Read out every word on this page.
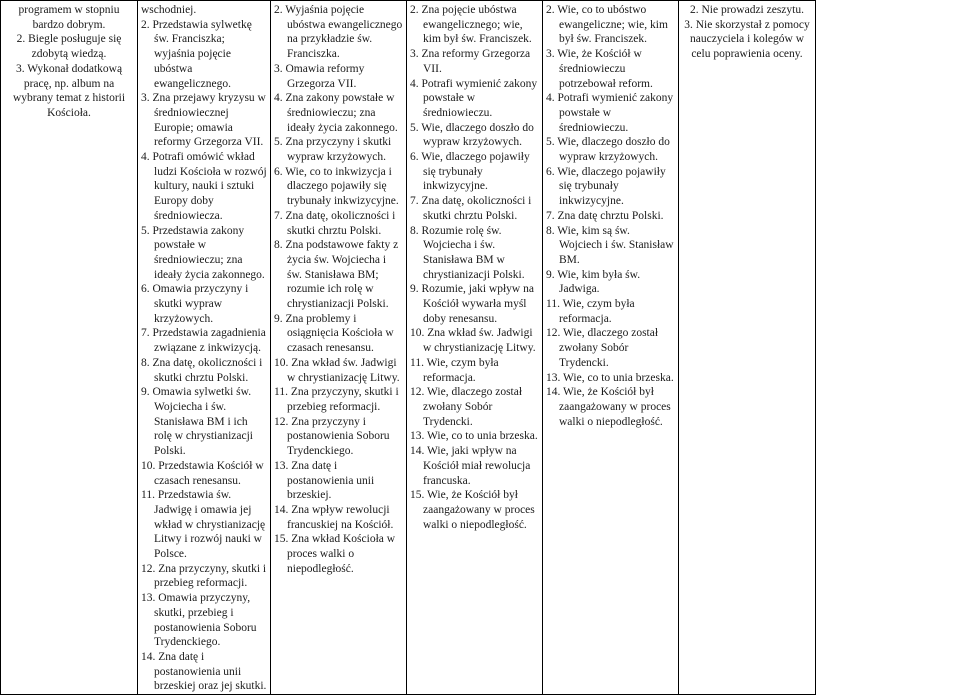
programem w stopniu bardzo dobrym.
2. Biegle posługuje się zdobytą wiedzą.
3. Wykonał dodatkową pracę, np. album na wybrany temat z historii Kościoła.

wschodniej.
2. Przedstawia sylwetkę św. Franciszka; wyjaśnia pojęcie ubóstwa ewangelicznego.
3. Zna przejawy kryzysu w średniowiecznej Europie; omawia reformy Grzegorza VII.
4. Potrafi omówić wkład ludzi Kościoła w rozwój kultury, nauki i sztuki Europy doby średniowiecza.
5. Przedstawia zakony powstałe w średniowieczu; zna ideały życia zakonnego.
6. Omawia przyczyny i skutki wypraw krzyżowych.
7. Przedstawia zagadnienia związane z inkwizycją.
8. Zna datę, okoliczności i skutki chrztu Polski.
9. Omawia sylwetki św. Wojciecha i św. Stanisława BM i ich rolę w chrystianizacji Polski.
10. Przedstawia Kościół w czasach renesansu.
11. Przedstawia św. Jadwigę i omawia jej wkład w chrystianizację Litwy i rozwój nauki w Polsce.
12. Zna przyczyny, skutki i przebieg reformacji.
13. Omawia przyczyny, skutki, przebieg i postanowienia Soboru Trydenckiego.
14. Zna datę i postanowienia unii brzeskiej oraz jej skutki.

2. Wyjaśnia pojęcie ubóstwa ewangelicznego na przykładzie św. Franciszka.
3. Omawia reformy Grzegorza VII.
4. Zna zakony powstałe w średniowieczu; zna ideały życia zakonnego.
5. Zna przyczyny i skutki wypraw krzyżowych.
6. Wie, co to inkwizycja i dlaczego pojawiły się trybunały inkwizycyjne.
7. Zna datę, okoliczności i skutki chrztu Polski.
8. Zna podstawowe fakty z życia św. Wojciecha i św. Stanisława BM; rozumie ich rolę w chrystianizacji Polski.
9. Zna problemy i osiągnięcia Kościoła w czasach renesansu.
10. Zna wkład św. Jadwigi w chrystianizację Litwy.
11. Zna przyczyny, skutki i przebieg reformacji.
12. Zna przyczyny i postanowienia Soboru Trydenckiego.
13. Zna datę i postanowienia unii brzeskiej.
14. Zna wpływ rewolucji francuskiej na Kościół.
15. Zna wkład Kościoła w proces walki o niepodległość.

2. Zna pojęcie ubóstwa ewangelicznego; wie, kim był św. Franciszek.
3. Zna reformy Grzegorza VII.
4. Potrafi wymienić zakony powstałe w średniowieczu.
5. Wie, dlaczego doszło do wypraw krzyżowych.
6. Wie, dlaczego pojawiły się trybunały inkwizycyjne.
7. Zna datę, okoliczności i skutki chrztu Polski.
8. Rozumie rolę św. Wojciecha i św. Stanisława BM w chrystianizacji Polski.
9. Rozumie, jaki wpływ na Kościół wywarła myśl doby renesansu.
10. Zna wkład św. Jadwigi w chrystianizację Litwy.
11. Wie, czym była reformacja.
12. Wie, dlaczego został zwołany Sobór Trydencki.
13. Wie, co to unia brzeska.
14. Wie, jaki wpływ na Kościół miał rewolucja francuska.
15. Wie, że Kościół był zaangażowany w proces walki o niepodległość.

2. Wie, co to ubóstwo ewangeliczne; wie, kim był św. Franciszek.
3. Wie, że Kościół w średniowieczu potrzebował reform.
4. Potrafi wymienić zakony powstałe w średniowieczu.
5. Wie, dlaczego doszło do wypraw krzyżowych.
6. Wie, dlaczego pojawiły się trybunały inkwizycyjne.
7. Zna datę chrztu Polski.
8. Wie, kim są św. Wojciech i św. Stanisław BM.
9. Wie, kim była św. Jadwiga.
11. Wie, czym była reformacja.
12. Wie, dlaczego został zwołany Sobór Trydencki.
13. Wie, co to unia brzeska.
14. Wie, że Kościół był zaangażowany w proces walki o niepodległość.

2. Nie prowadzi zeszytu.
3. Nie skorzystał z pomocy nauczyciela i kolegów w celu poprawienia oceny.
